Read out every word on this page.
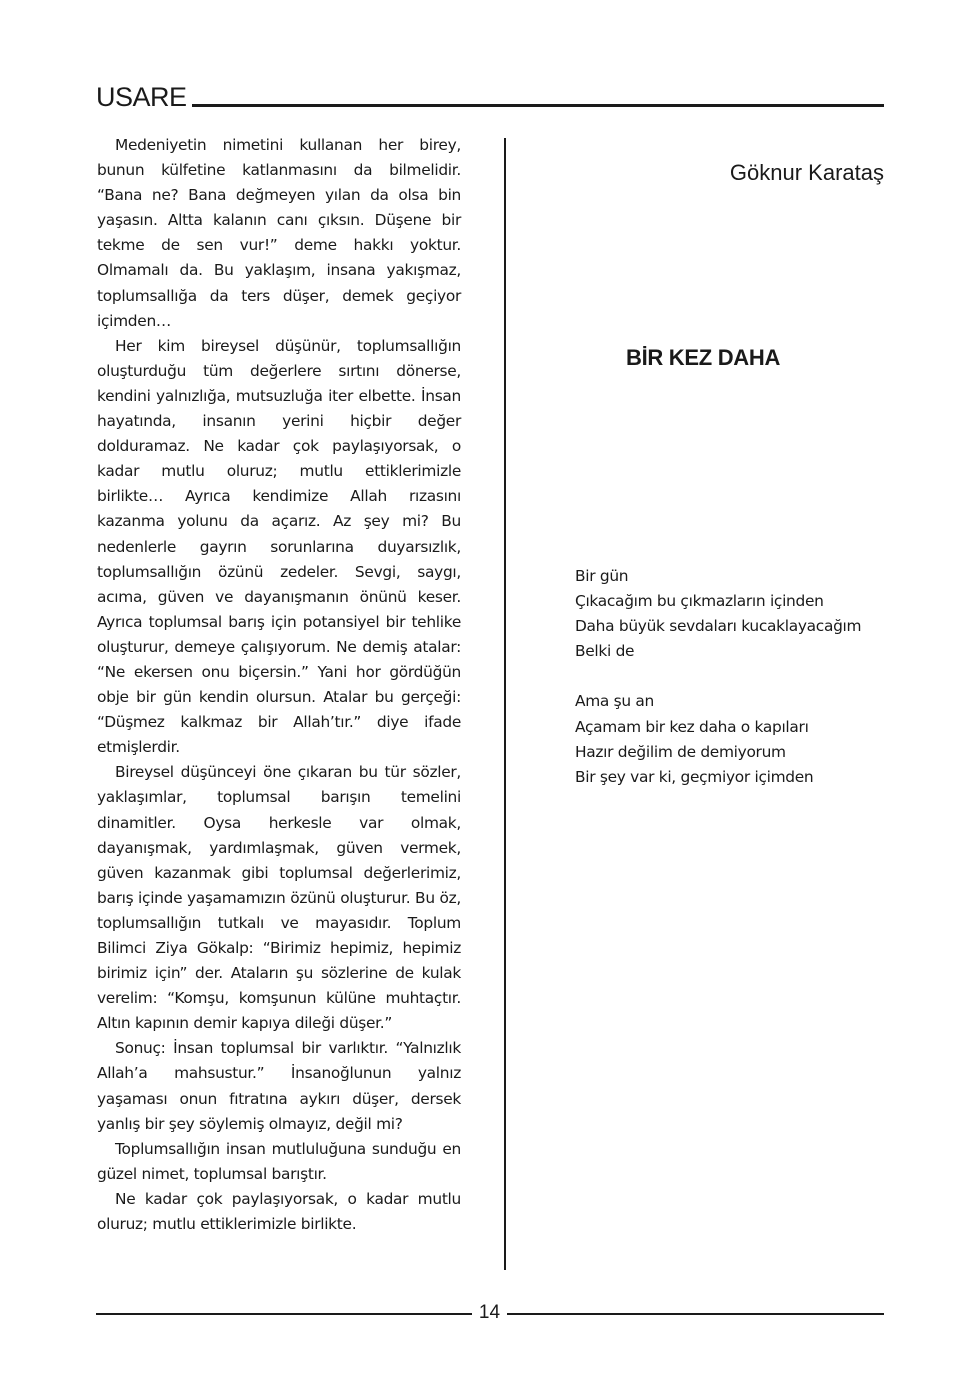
USARE

Medeniyetin nimetini kullanan her birey, bunun külfetine katlanmasını da bilmelidir. “Bana ne? Bana değmeyen yılan da olsa bin yaşasın. Altta kalanın canı çıksın. Düşene bir tekme de sen vur!” deme hakkı yoktur. Olmamalı da. Bu yaklaşım, insana yakışmaz, toplumsallığa da ters düşer, demek geçiyor içimden…

Her kim bireysel düşünür, toplumsallığın oluşturduğu tüm değerlere sırtını dönerse, kendini yalnızlığa, mutsuzluğa iter elbette. İnsan hayatında, insanın yerini hiçbir değer dolduramaz. Ne kadar çok paylaşıyorsak, o kadar mutlu oluruz; mutlu ettiklerimizle birlikte… Ayrıca kendimize Allah rızasını kazanma yolunu da açarız. Az şey mi? Bu nedenlerle gayrın sorunlarına duyarsızlık, toplumsallığın özünü zedeler. Sevgi, saygı, acıma, güven ve dayanışmanın önünü keser. Ayrıca toplumsal barış için potansiyel bir tehlike oluşturur, demeye çalışıyorum. Ne demiş atalar: “Ne ekersen onu biçersin.” Yani hor gördüğün obje bir gün kendin olursun. Atalar bu gerçeği: “Düşmez kalkmaz bir Allah’tır.” diye ifade etmişlerdir.

Bireysel düşünceyi öne çıkaran bu tür sözler, yaklaşımlar, toplumsal barışın temelini dinamitler. Oysa herkesle var olmak, dayanışmak, yardımlaşmak, güven vermek, güven kazanmak gibi toplumsal değerlerimiz, barış içinde yaşamamızın özünü oluşturur. Bu öz, toplumsallığın tutkalı ve mayasıdır. Toplum Bilimci Ziya Gökalp: “Birimiz hepimiz, hepimiz birimiz için” der. Ataların şu sözlerine de kulak verelim: “Komşu, komşunun külüne muhtaçtır. Altın kapının demir kapıya dileği düşer.”

Sonuç: İnsan toplumsal bir varlıktır. “Yalnızlık Allah’a mahsustur.” İnsanoğlunun yalnız yaşaması onun fıtratına aykırı düşer, dersek yanlış bir şey söylemiş olmayız, değil mi?

Toplumsallığın insan mutluluğuna sunduğu en güzel nimet, toplumsal barıştır.

Ne kadar çok paylaşıyorsak, o kadar mutlu oluruz; mutlu ettiklerimizle birlikte.

Göknur Karataş
BİR KEZ DAHA
Bir gün
Çıkacağım bu çıkmazların içinden
Daha büyük sevdaları kucaklayacağım
Belki de
Ama şu an
Açamam bir kez daha o kapıları
Hazır değilim de demiyorum
Bir şey var ki, geçmiyor içimden
14
